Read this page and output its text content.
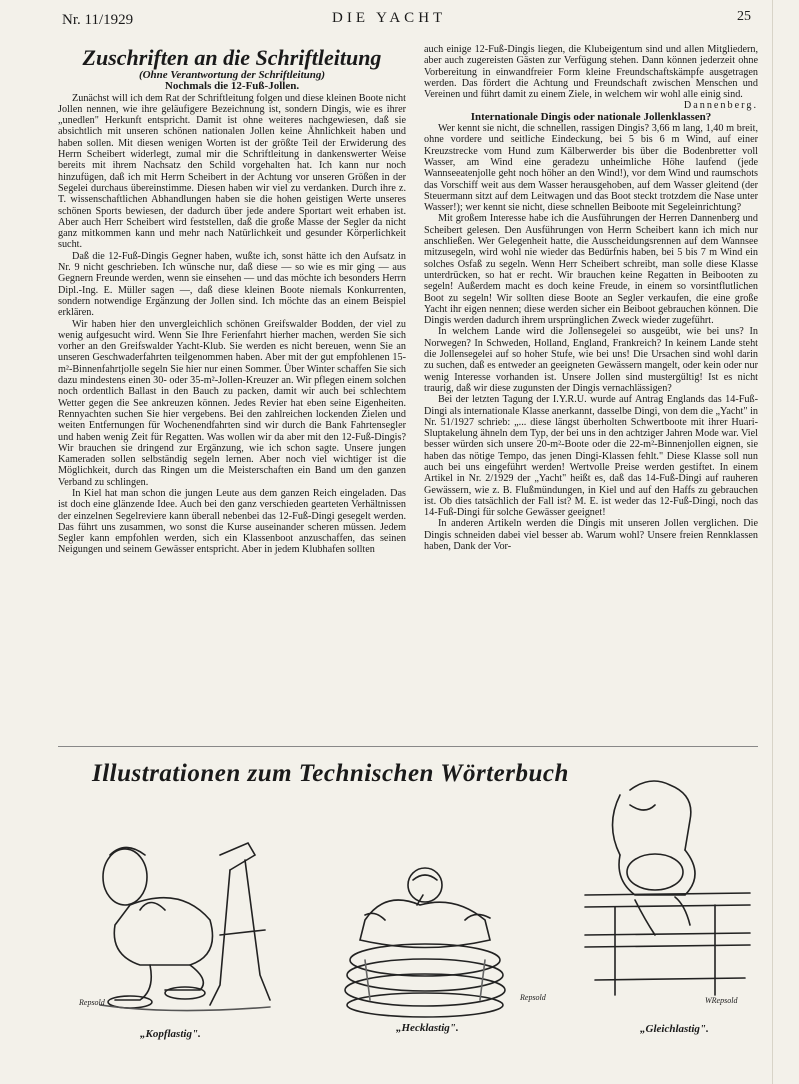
Nr. 11/1929	DIE YACHT	25

Zuschriften an die Schriftleitung

(Ohne Verantwortung der Schriftleitung)

Nochmals die 12-Fuß-Jollen.

Zunächst will ich dem Rat der Schriftleitung folgen und diese kleinen Boote nicht Jollen nennen, wie ihre geläufigere Bezeichnung ist, sondern Dingis, wie es ihrer „unedlen" Herkunft entspricht. Damit ist ohne weiteres nachgewiesen, daß sie absichtlich mit unseren schönen nationalen Jollen keine Ähnlichkeit haben und haben sollen. Mit diesen wenigen Worten ist der größte Teil der Erwiderung des Herrn Scheibert widerlegt, zumal mir die Schriftleitung in dankenswerter Weise bereits mit ihrem Nachsatz den Schild vorgehalten hat. Ich kann nur noch hinzufügen, daß ich mit Herrn Scheibert in der Achtung vor unseren Größen in der Segelei durchaus übereinstimme. Diesen haben wir viel zu verdanken. Durch ihre z. T. wissenschaftlichen Abhandlungen haben sie die hohen geistigen Werte unseres schönen Sports bewiesen, der dadurch über jede andere Sportart weit erhaben ist. Aber auch Herr Scheibert wird feststellen, daß die große Masse der Segler da nicht ganz mitkommen kann und mehr nach Natürlichkeit und gesunder Körperlichkeit sucht.

Daß die 12-Fuß-Dingis Gegner haben, wußte ich, sonst hätte ich den Aufsatz in Nr. 9 nicht geschrieben. Ich wünsche nur, daß diese — so wie es mir ging — aus Gegnern Freunde werden, wenn sie einsehen — und das möchte ich besonders Herrn Dipl.-Ing. E. Müller sagen —, daß diese kleinen Boote niemals Konkurrenten, sondern notwendige Ergänzung der Jollen sind. Ich möchte das an einem Beispiel erklären.

Wir haben hier den unvergleichlich schönen Greifswalder Bodden, der viel zu wenig aufgesucht wird. Wenn Sie Ihre Ferienfahrt hierher machen, werden Sie sich vorher an den Greifswalder Yacht-Klub. Sie werden es nicht bereuen, wenn Sie an unseren Geschwaderfahrten teilgenommen haben. Aber mit der gut empfohlenen 15-m²-Binnenfahrtjolle segeln Sie hier nur einen Sommer. Über Winter schaffen Sie sich dazu mindestens einen 30- oder 35-m²-Jollen-Kreuzer an. Wir pflegen einem solchen noch ordentlich Ballast in den Bauch zu packen, damit wir auch bei schlechtem Wetter gegen die See ankreuzen können. Jedes Revier hat eben seine Eigenheiten. Rennyachten suchen Sie hier vergebens. Bei den zahlreichen lockenden Zielen und weiten Entfernungen für Wochenendfahrten sind wir durch die Bank Fahrtensegler und haben wenig Zeit für Regatten. Was wollen wir da aber mit den 12-Fuß-Dingis? Wir brauchen sie dringend zur Ergänzung, wie ich schon sagte. Unsere jungen Kameraden sollen selbständig segeln lernen. Aber noch viel wichtiger ist die Möglichkeit, durch das Ringen um die Meisterschaften ein Band um den ganzen Verband zu schlingen.

In Kiel hat man schon die jungen Leute aus dem ganzen Reich eingeladen. Das ist doch eine glänzende Idee. Auch bei den ganz verschieden gearteten Verhältnissen der einzelnen Segelreviere kann überall nebenbei das 12-Fuß-Dingi gesegelt werden. Das führt uns zusammen, wo sonst die Kurse auseinander scheren müssen. Jedem Segler kann empfohlen werden, sich ein Klassenboot anzuschaffen, das seinen Neigungen und seinem Gewässer entspricht. Aber in jedem Klubhafen sollten

auch einige 12-Fuß-Dingis liegen, die Klubeigentum sind und allen Mitgliedern, aber auch zugereisten Gästen zur Verfügung stehen. Dann können jederzeit ohne Vorbereitung in einwandfreier Form kleine Freundschaftskämpfe ausgetragen werden. Das fördert die Achtung und Freundschaft zwischen Menschen und Vereinen und führt damit zu einem Ziele, in welchem wir wohl alle einig sind.

Dannenberg.

Internationale Dingis oder nationale Jollenklassen?

Wer kennt sie nicht, die schnellen, rassigen Dingis? 3,66 m lang, 1,40 m breit, ohne vordere und seitliche Eindeckung, bei 5 bis 6 m Wind, auf einer Kreuzstrecke vom Hund zum Kälberwerder bis über die Bodenbretter voll Wasser, am Wind eine geradezu unheimliche Höhe laufend (jede Wannseeatenjolle geht noch höher an den Wind!), vor dem Wind und raumschots das Vorschiff weit aus dem Wasser herausgehoben, auf dem Wasser gleitend (der Steuermann sitzt auf dem Leitwagen und das Boot steckt trotzdem die Nase unter Wasser!); wer kennt sie nicht, diese schnellen Beiboote mit Segeleinrichtung?

Mit großem Interesse habe ich die Ausführungen der Herren Dannenberg und Scheibert gelesen. Den Ausführungen von Herrn Scheibert kann ich mich nur anschließen. Wer Gelegenheit hatte, die Ausscheidungsrennen auf dem Wannsee mitzusegeln, wird wohl nie wieder das Bedürfnis haben, bei 5 bis 7 m Wind ein solches Osfaß zu segeln. Wenn Herr Scheibert schreibt, man solle diese Klasse unterdrücken, so hat er recht. Wir brauchen keine Regatten in Beibooten zu segeln! Außerdem macht es doch keine Freude, in einem so vorsintflutlichen Boot zu segeln! Wir sollten diese Boote an Segler verkaufen, die eine große Yacht ihr eigen nennen; diese werden sicher ein Beiboot gebrauchen können. Die Dingis werden dadurch ihrem ursprünglichen Zweck wieder zugeführt.

In welchem Lande wird die Jollensegelei so ausgeübt, wie bei uns? In Norwegen? In Schweden, Holland, England, Frankreich? In keinem Lande steht die Jollensegelei auf so hoher Stufe, wie bei uns! Die Ursachen sind wohl darin zu suchen, daß es entweder an geeigneten Gewässern mangelt, oder kein oder nur wenig Interesse vorhanden ist. Unsere Jollen sind mustergültig! Ist es nicht traurig, daß wir diese zugunsten der Dingis vernachlässigen?

Bei der letzten Tagung der I.Y.R.U. wurde auf Antrag Englands das 14-Fuß-Dingi als internationale Klasse anerkannt, dasselbe Dingi, von dem die „Yacht" in Nr. 51/1927 schrieb: „... diese längst überholten Schwertboote mit ihrer Huari-Sluptakelung ähneln dem Typ, der bei uns in den achtziger Jahren Mode war. Viel besser würden sich unsere 20-m²-Boote oder die 22-m²-Binnenjollen eignen, sie haben das nötige Tempo, das jenen Dingi-Klassen fehlt." Diese Klasse soll nun auch bei uns eingeführt werden! Wertvolle Preise werden gestiftet. In einem Artikel in Nr. 2/1929 der „Yacht" heißt es, daß das 14-Fuß-Dingi auf rauheren Gewässern, wie z. B. Flußmündungen, in Kiel und auf den Haffs zu gebrauchen ist. Ob dies tatsächlich der Fall ist? M. E. ist weder das 12-Fuß-Dingi, noch das 14-Fuß-Dingi für solche Gewässer geeignet!

In anderen Artikeln werden die Dingis mit unseren Jollen verglichen. Die Dingis schneiden dabei viel besser ab. Warum wohl? Unsere freien Rennklassen haben, Dank der Vor-

Illustrationen zum Technischen Wörterbuch
Repsold
„Kopflastig".
Repsold
„Hecklastig".
WRepsold
„Gleichlastig".
